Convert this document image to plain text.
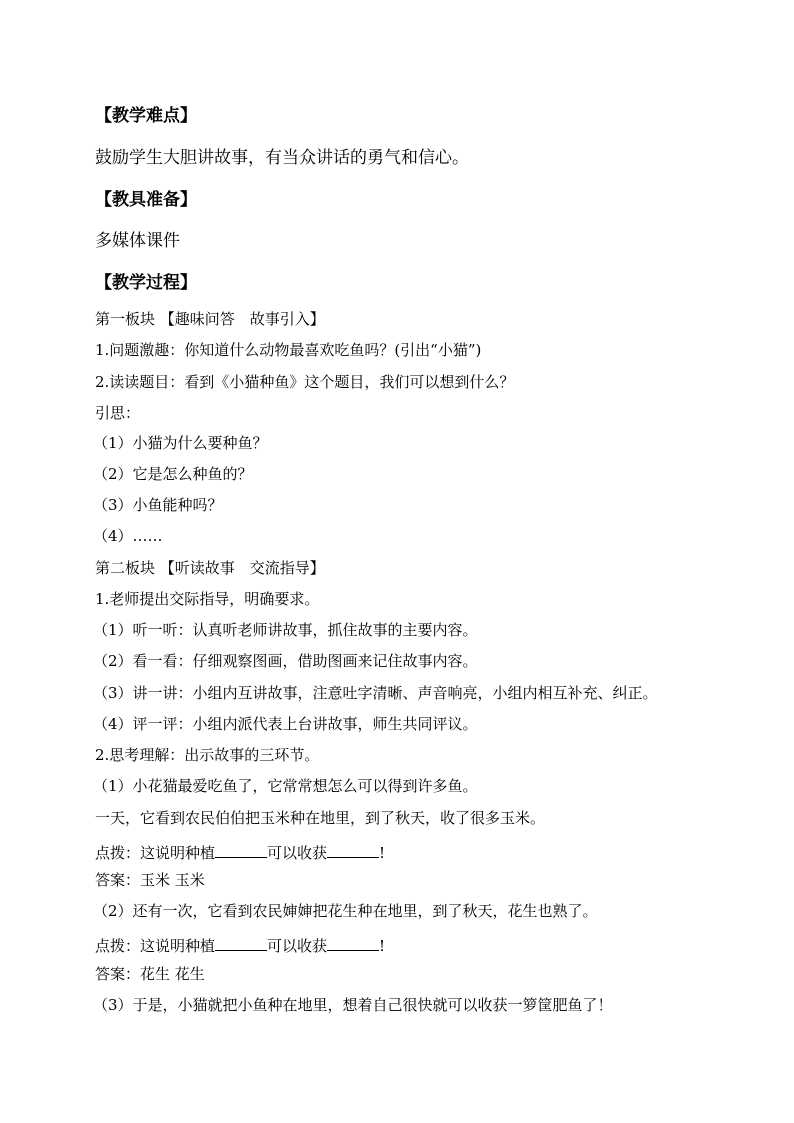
【教学难点】
鼓励学生大胆讲故事，有当众讲话的勇气和信心。
【教具准备】
多媒体课件
【教学过程】
第一板块 【趣味问答　故事引入】
1.问题激趣：你知道什么动物最喜欢吃鱼吗？(引出“小猫”)
2.读读题目：看到《小猫种鱼》这个题目，我们可以想到什么？
引思：
（1）小猫为什么要种鱼？
（2）它是怎么种鱼的？
（3）小鱼能种吗？
（4）……
第二板块 【听读故事　交流指导】
1.老师提出交际指导，明确要求。
（1）听一听：认真听老师讲故事，抓住故事的主要内容。
（2）看一看：仔细观察图画，借助图画来记住故事内容。
（3）讲一讲：小组内互讲故事，注意吐字清晰、声音响亮，小组内相互补充、纠正。
（4）评一评：小组内派代表上台讲故事，师生共同评议。
2.思考理解：出示故事的三环节。
（1）小花猫最爱吃鱼了，它常常想怎么可以得到许多鱼。
一天，它看到农民伯伯把玉米种在地里，到了秋天，收了很多玉米。
点拨：这说明种植	可以收获	!
答案：玉米 玉米
（2）还有一次，它看到农民婶婶把花生种在地里，到了秋天，花生也熟了。
点拨：这说明种植	可以收获	!
答案：花生 花生
（3）于是，小猫就把小鱼种在地里，想着自己很快就可以收获一箩筐肥鱼了！
